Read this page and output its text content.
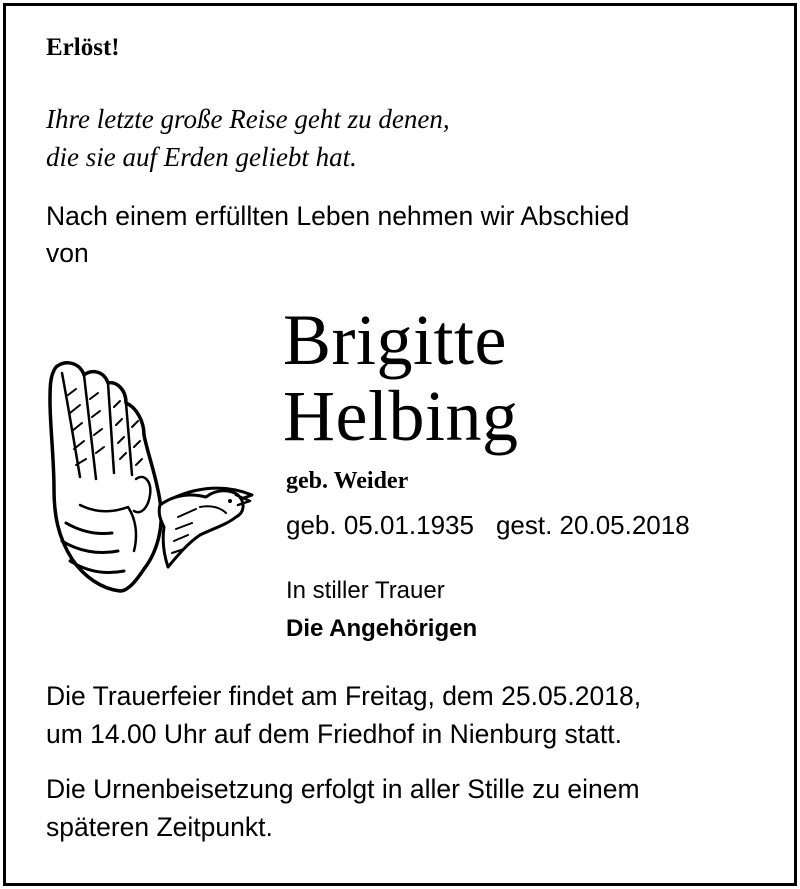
Erlöst!
Ihre letzte große Reise geht zu denen,
die sie auf Erden geliebt hat.
Nach einem erfüllten Leben nehmen wir Abschied
von
Brigitte
Helbing
geb. Weider
geb. 05.01.1935 gest. 20.05.2018
In stiller Trauer
Die Angehörigen
Die Trauerfeier findet am Freitag, dem 25.05.2018,
um 14.00 Uhr auf dem Friedhof in Nienburg statt.
Die Urnenbeisetzung erfolgt in aller Stille zu einem
späteren Zeitpunkt.
